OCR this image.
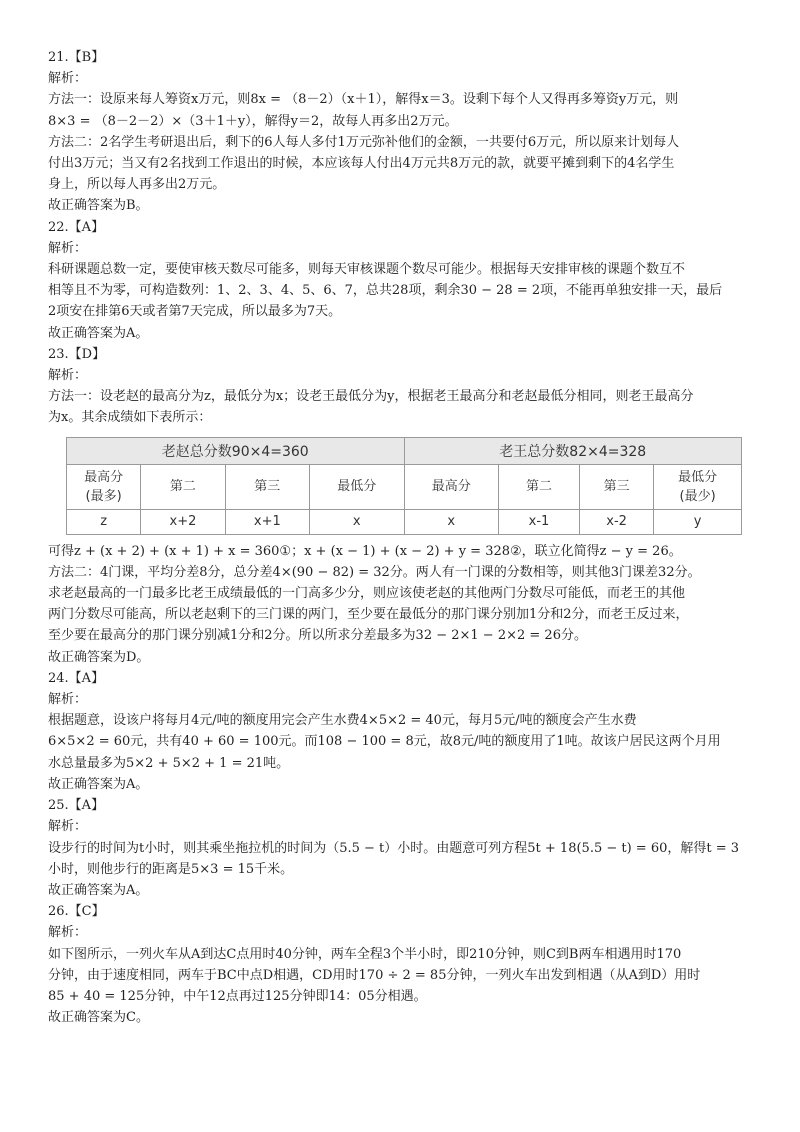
21.【B】
解析：
方法一：设原来每人筹资x万元，则8x = （8－2）（x＋1），解得x＝3。设剩下每个人又得再多筹资y万元，则
8×3 = （8－2－2）×（3＋1＋y），解得y＝2，故每人再多出2万元。
方法二：2名学生考研退出后，剩下的6人每人多付1万元弥补他们的金额，一共要付6万元，所以原来计划每人
付出3万元；当又有2名找到工作退出的时候，本应该每人付出4万元共8万元的款，就要平摊到剩下的4名学生
身上，所以每人再多出2万元。
故正确答案为B。
22.【A】
解析：
科研课题总数一定，要使审核天数尽可能多，则每天审核课题个数尽可能少。根据每天安排审核的课题个数互不
相等且不为零，可构造数列：1、2、3、4、5、6、7，总共28项，剩余30 − 28 = 2项，不能再单独安排一天，最后
2项安在排第6天或者第7天完成，所以最多为7天。
故正确答案为A。
23.【D】
解析：
方法一：设老赵的最高分为z，最低分为x；设老王最低分为y，根据老王最高分和老赵最低分相同，则老王最高分
为x。其余成绩如下表所示：
老赵总分数90×4=360				老王总分数82×4=328			
最高分
(最多)	第二	第三	最低分	最高分	第二	第三	最低分
(最少)
z	x+2	x+1	x	x	x-1	x-2	y
可得z + (x + 2) + (x + 1) + x = 360①；x + (x − 1) + (x − 2) + y = 328②，联立化简得z − y = 26。
方法二：4门课，平均分差8分，总分差4×(90 − 82) = 32分。两人有一门课的分数相等，则其他3门课差32分。
求老赵最高的一门最多比老王成绩最低的一门高多少分，则应该使老赵的其他两门分数尽可能低，而老王的其他
两门分数尽可能高，所以老赵剩下的三门课的两门，至少要在最低分的那门课分别加1分和2分，而老王反过来，
至少要在最高分的那门课分别减1分和2分。所以所求分差最多为32 − 2×1 − 2×2 = 26分。
故正确答案为D。
24.【A】
解析：
根据题意，设该户将每月4元/吨的额度用完会产生水费4×5×2 = 40元，每月5元/吨的额度会产生水费
6×5×2 = 60元，共有40 + 60 = 100元。而108 − 100 = 8元，故8元/吨的额度用了1吨。故该户居民这两个月用
水总量最多为5×2 + 5×2 + 1 = 21吨。
故正确答案为A。
25.【A】
解析：
设步行的时间为t小时，则其乘坐拖拉机的时间为（5.5 − t）小时。由题意可列方程5t + 18(5.5 − t) = 60，解得t = 3
小时，则他步行的距离是5×3 = 15千米。
故正确答案为A。
26.【C】
解析：
如下图所示，一列火车从A到达C点用时40分钟，两车全程3个半小时，即210分钟，则C到B两车相遇用时170
分钟，由于速度相同，两车于BC中点D相遇，CD用时170 ÷ 2 = 85分钟，一列火车出发到相遇（从A到D）用时
85 + 40 = 125分钟，中午12点再过125分钟即14：05分相遇。
故正确答案为C。
